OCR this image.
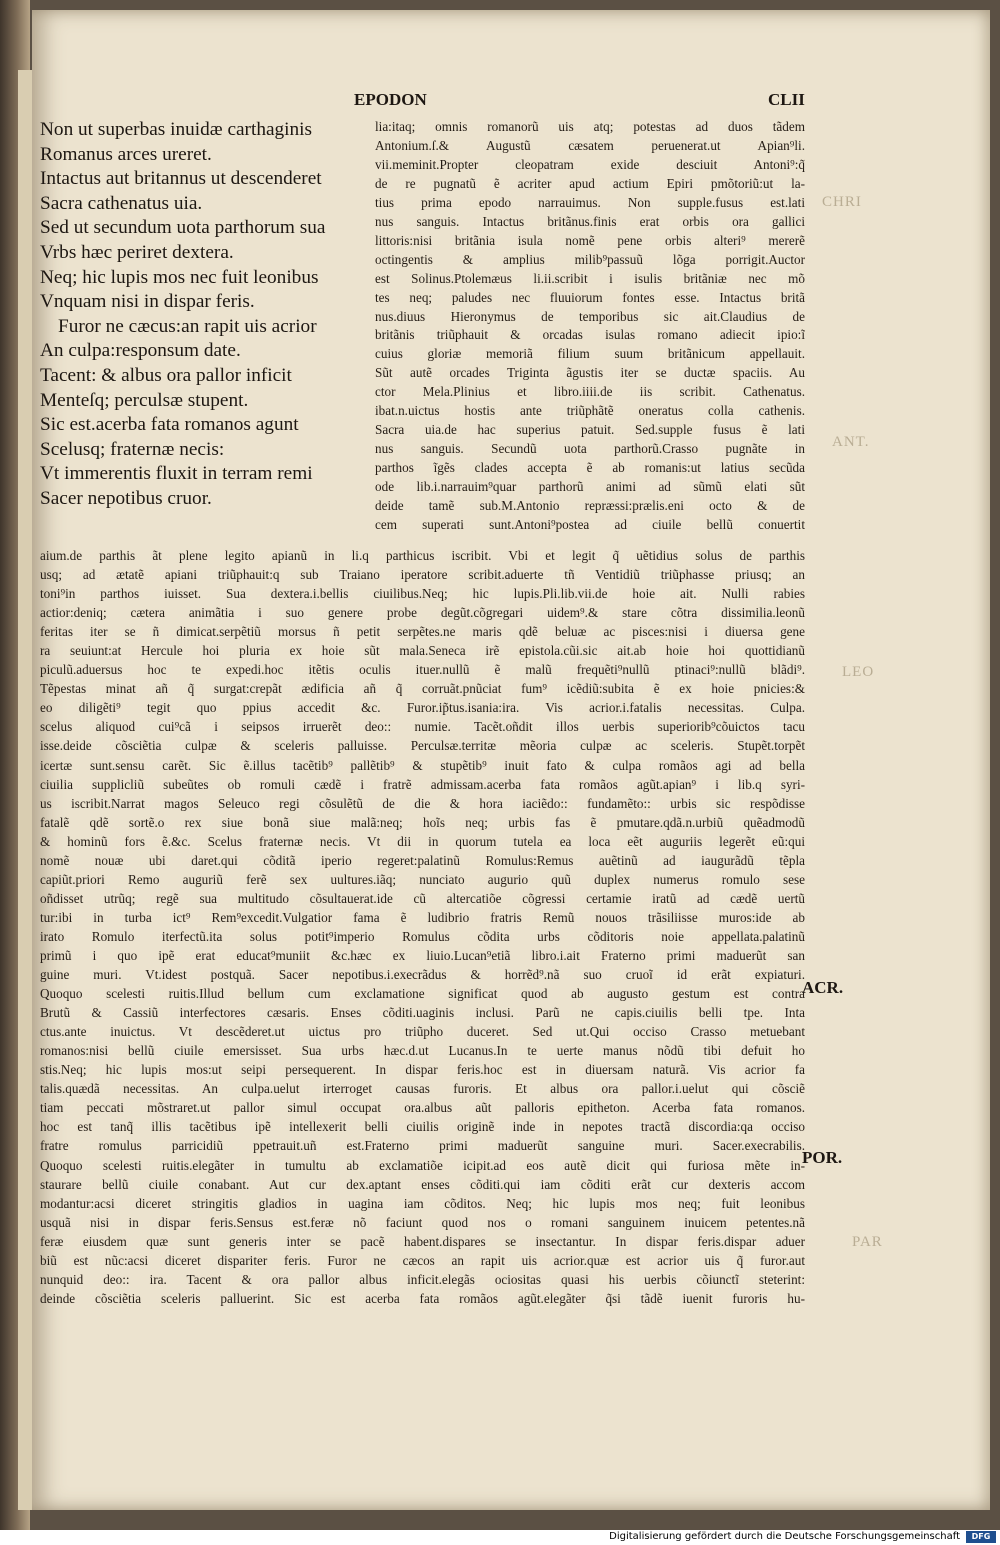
CHRI
ANT.
LEO
PAR
EPODON	CLII
Non ut superbas inuidæ carthaginis
Romanus arces ureret.
Intactus aut britannus ut descenderet
Sacra cathenatus uia.
Sed ut secundum uota parthorum sua
Vrbs hæc periret dextera.
Neq; hic lupis mos nec fuit leonibus
Vnquam nisi in dispar feris.
Furor ne cæcus:an rapit uis acrior
An culpa:responsum date.
Tacent: & albus ora pallor inficit
Menteſq; perculsæ stupent.
Sic est.acerba fata romanos agunt
Scelusq; fraternæ necis:
Vt immerentis fluxit in terram remi
Sacer nepotibus cruor.
lia:itaq; omnis romanorũ uis atq; potestas ad duos tãdem
Antonium.ſ.& Augustũ cæsatem peruenerat.ut Apian⁹li.
vii.meminit.Propter cleopatram exide desciuit Antoni⁹:q̃
de re pugnatũ ẽ acriter apud actium Epiri pmõtoriũ:ut la-
tius prima epodo narrauimus. Non supple.fusus est.lati
nus sanguis. Intactus britãnus.finis erat orbis ora gallici
littoris:nisi britãnia isula nomẽ pene orbis alteri⁹ mererẽ
octingentis & amplius milib⁹passuũ lõga porrigit.Auctor
est Solinus.Ptolemæus li.ii.scribit i isulis britãniæ nec mõ
tes neq; paludes nec fluuiorum fontes esse. Intactus britã
nus.diuus Hieronymus de temporibus sic ait.Claudius de
britãnis triũphauit & orcadas isulas romano adiecit ipio:ĩ
cuius gloriæ memoriã filium suum britãnicum appellauit.
Sũt autẽ orcades Triginta ãgustis iter se ductæ spaciis. Au
ctor Mela.Plinius et libro.iiii.de iis scribit. Cathenatus.
ibat.n.uictus hostis ante triũphãtẽ oneratus colla cathenis.
Sacra uia.de hac superius patuit. Sed.supple fusus ẽ lati
nus sanguis. Secundũ uota parthorũ.Crasso pugnãte in
parthos ĩgẽs clades accepta ẽ ab romanis:ut latius secũda
ode lib.i.narrauim⁹quar parthorũ animi ad sũmũ elati sũt
deide tamẽ sub.M.Antonio repræssi:prælis.eni octo & de
cem superati sunt.Antoni⁹postea ad ciuile bellũ conuertit
aium.de parthis ãt plene legito apianũ in li.q parthicus iscribit. Vbi et legit q̃ uẽtidius solus de parthis
usq; ad ætatẽ apiani triũphauit:q sub Traiano iperatore scribit.aduerte tñ Ventidiũ triũphasse priusq; an
toni⁹in parthos iuisset. Sua dextera.i.bellis ciuilibus.Neq; hic lupis.Pli.lib.vii.de hoie ait. Nulli rabies
actior:deniq; cætera animãtia i suo genere probe degũt.cõgregari uidem⁹.& stare cõtra dissimilia.leonũ
feritas iter se ñ dimicat.serpẽtiũ morsus ñ petit serpẽtes.ne maris qdẽ beluæ ac pisces:nisi i diuersa gene
ra seuiunt:at Hercule hoi pluria ex hoie sũt mala.Seneca irẽ epistola.cũi.sic ait.ab hoie hoi quottidianũ
piculũ.aduersus hoc te expedi.hoc itẽtis oculis ituer.nullũ ẽ malũ frequẽti⁹nullũ ptinaci⁹:nullũ blãdi⁹.
Tẽpestas minat añ q̃ surgat:crepãt ædificia añ q̃ corruãt.pnũciat fum⁹ icẽdiũ:subita ẽ ex hoie pnicies:&
eo diligẽti⁹ tegit quo ppius accedit &c. Furor.ip̃tus.isania:ira. Vis acrior.i.fatalis necessitas. Culpa.
scelus aliquod cui⁹cã i seipsos irruerẽt deo:: numie. Tacẽt.oñdit illos uerbis superiorib⁹cõuictos tacu
isse.deide cõsciẽtia culpæ & sceleris palluisse. Perculsæ.territæ mẽoria culpæ ac sceleris. Stupẽt.torpẽt
icertæ sunt.sensu carẽt. Sic ẽ.illus tacẽtib⁹ pallẽtib⁹ & stupẽtib⁹ inuit fato & culpa romãos agi ad bella
ciuilia supplicliũ subeũtes ob romuli cædẽ i fratrẽ admissam.acerba fata romãos agũt.apian⁹ i lib.q syri-
us iscribit.Narrat magos Seleuco regi cõsulẽtũ de die & hora iaciẽdo:: fundamẽto:: urbis sic respõdisse
fatalẽ qdẽ sortẽ.o rex siue bonã siue malã:neq; hoĩs neq; urbis fas ẽ pmutare.qdã.n.urbiũ quẽadmodũ
& hominũ fors ẽ.&c. Scelus fraternæ necis. Vt dii in quorum tutela ea loca eẽt auguriis legerẽt eũ:qui
nomẽ nouæ ubi daret.qui cõditã iperio regeret:palatinũ Romulus:Remus auẽtinũ ad iaugurãdũ tẽpla
capiũt.priori Remo auguriũ ferẽ sex uultures.iãq; nunciato augurio quũ duplex numerus romulo sese
oñdisset utrũq; regẽ sua multitudo cõsultauerat.ide cũ altercatiõe cõgressi certamie iratũ ad cædẽ uertũ
tur:ibi in turba ict⁹ Rem⁹excedit.Vulgatior fama ẽ ludibrio fratris Remũ nouos trãsiliisse muros:ide ab
irato Romulo iterfectũ.ita solus potit⁹imperio Romulus cõdita urbs cõditoris noie appellata.palatinũ
primũ i quo ipẽ erat educat⁹muniit &c.hæc ex liuio.Lucan⁹etiã libro.i.ait Fraterno primi maduerũt san
guine muri. Vt.idest postquã. Sacer nepotibus.i.execrãdus & horrẽd⁹.nã suo cruoĩ id erãt expiaturi.
Quoquo scelesti ruitis.Illud bellum cum exclamatione significat quod ab augusto gestum est contra
Brutũ & Cassiũ interfectores cæsaris. Enses cõditi.uaginis inclusi. Parũ ne capis.ciuilis belli tpe. Inta
ctus.ante inuictus. Vt descẽderet.ut uictus pro triũpho duceret. Sed ut.Qui occiso Crasso metuebant
romanos:nisi bellũ ciuile emersisset. Sua urbs hæc.d.ut Lucanus.In te uerte manus nõdũ tibi defuit ho
stis.Neq; hic lupis mos:ut seipi persequerent. In dispar feris.hoc est in diuersam naturã. Vis acrior fa
talis.quædã necessitas. An culpa.uelut irterroget causas furoris. Et albus ora pallor.i.uelut qui cõsciẽ
tiam peccati mõstraret.ut pallor simul occupat ora.albus aũt palloris epitheton. Acerba fata romanos.
hoc est tanq̃ illis tacẽtibus ipẽ intellexerit belli ciuilis originẽ inde in nepotes tractã discordia:qa occiso
fratre romulus parricidiũ ppetrauit.uñ est.Fraterno primi maduerũt sanguine muri. Sacer.execrabilis.
Quoquo scelesti ruitis.elegãter in tumultu ab exclamatiõe icipit.ad eos autẽ dicit qui furiosa mẽte in-
staurare bellũ ciuile conabant. Aut cur dex.aptant enses cõditi.qui iam cõditi erãt cur dexteris accom
modantur:acsi diceret stringitis gladios in uagina iam cõditos. Neq; hic lupis mos neq; fuit leonibus
usquã nisi in dispar feris.Sensus est.feræ nõ faciunt quod nos o romani sanguinem inuicem petentes.nã
feræ eiusdem quæ sunt generis inter se pacẽ habent.dispares se insectantur. In dispar feris.dispar aduer
biũ est nũc:acsi diceret dispariter feris. Furor ne cæcos an rapit uis acrior.quæ est acrior uis q̃ furor.aut
nunquid deo:: ira. Tacent & ora pallor albus inficit.elegãs ociositas quasi his uerbis cõiunctĩ steterint:
deinde cõsciẽtia sceleris palluerint. Sic est acerba fata romãos agũt.elegãter q̃si tãdẽ iuenit furoris hu-
ACR.
POR.
Digitalisierung gefördert durch die Deutsche Forschungsgemeinschaft	DFG
